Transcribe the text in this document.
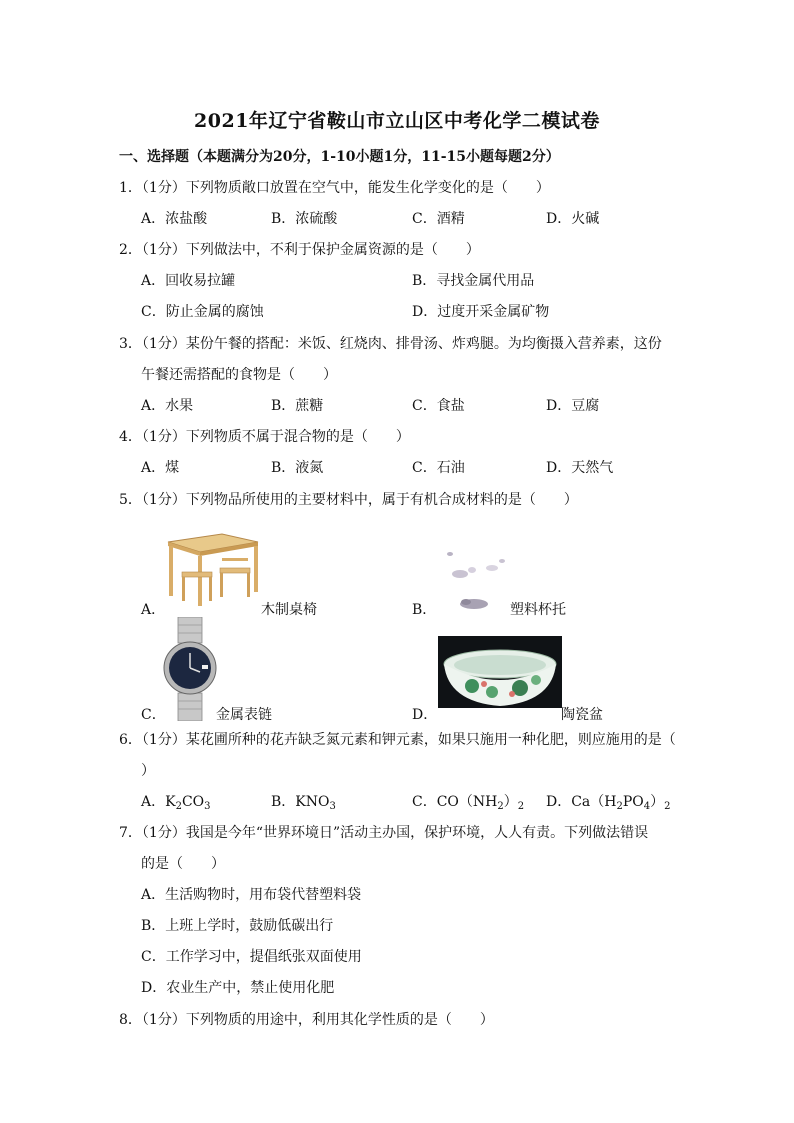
2021年辽宁省鞍山市立山区中考化学二模试卷
一、选择题（本题满分为20分，1-10小题1分，11-15小题每题2分）
1．（1分）下列物质敞口放置在空气中，能发生化学变化的是（　　）
A．浓盐酸	B．浓硫酸	C．酒精	D．火碱
2．（1分）下列做法中，不利于保护金属资源的是（　　）
A．回收易拉罐	B．寻找金属代用品
C．防止金属的腐蚀	D．过度开采金属矿物
3．（1分）某份午餐的搭配：米饭、红烧肉、排骨汤、炸鸡腿。为均衡摄入营养素，这份
午餐还需搭配的食物是（　　）
A．水果	B．蔗糖	C．食盐	D．豆腐
4．（1分）下列物质不属于混合物的是（　　）
A．煤	B．液氮	C．石油	D．天然气
5．（1分）下列物品所使用的主要材料中，属于有机合成材料的是（　　）
A．	木制桌椅	B．	塑料杯托
C．	金属表链	D．	陶瓷盆
6．（1分）某花圃所种的花卉缺乏氮元素和钾元素，如果只施用一种化肥，则应施用的是（
）
A．$K_2CO_3$	B．$KNO_3$	C．$CO(NH_2)_2$ D．$Ca(H_2PO_4)_2$
7．（1分）我国是今年“世界环境日”活动主办国，保护环境，人人有责。下列做法错误
的是（　　）
A．生活购物时，用布袋代替塑料袋
B．上班上学时，鼓励低碳出行
C．工作学习中，提倡纸张双面使用
D．农业生产中，禁止使用化肥
8．（1分）下列物质的用途中，利用其化学性质的是（　　）
